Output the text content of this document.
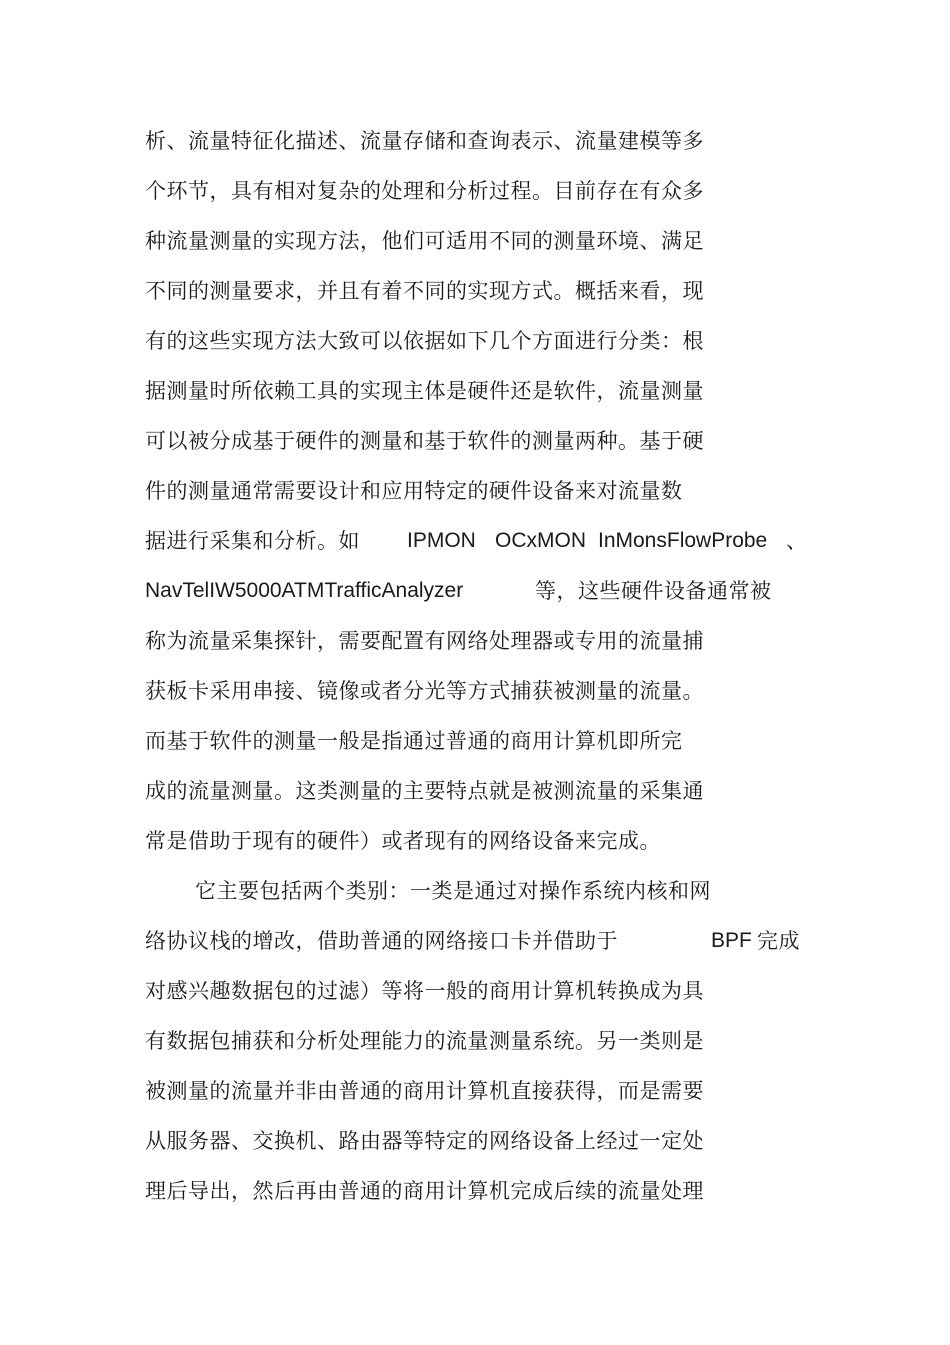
析、流量特征化描述、流量存储和查询表示、流量建模等多
个环节，具有相对复杂的处理和分析过程。目前存在有众多
种流量测量的实现方法，他们可适用不同的测量环境、满足
不同的测量要求，并且有着不同的实现方式。概括来看，现
有的这些实现方法大致可以依据如下几个方面进行分类：根
据测量时所依赖工具的实现主体是硬件还是软件，流量测量
可以被分成基于硬件的测量和基于软件的测量两种。基于硬
件的测量通常需要设计和应用特定的硬件设备来对流量数
据进行采集和分析。如 IPMON OCxMON InMonsFlowProbe 、
NavTelIW5000ATMTrafficAnalyzer	等，这些硬件设备通常被
称为流量采集探针，需要配置有网络处理器或专用的流量捕
获板卡采用串接、镜像或者分光等方式捕获被测量的流量。
而基于软件的测量一般是指通过普通的商用计算机即所完
成的流量测量。这类测量的主要特点就是被测流量的采集通
常是借助于现有的硬件）或者现有的网络设备来完成。
它主要包括两个类别：一类是通过对操作系统内核和网
络协议栈的增改，借助普通的网络接口卡并借助于	BPF 完成
对感兴趣数据包的过滤）等将一般的商用计算机转换成为具
有数据包捕获和分析处理能力的流量测量系统。另一类则是
被测量的流量并非由普通的商用计算机直接获得，而是需要
从服务器、交换机、路由器等特定的网络设备上经过一定处
理后导出，然后再由普通的商用计算机完成后续的流量处理
